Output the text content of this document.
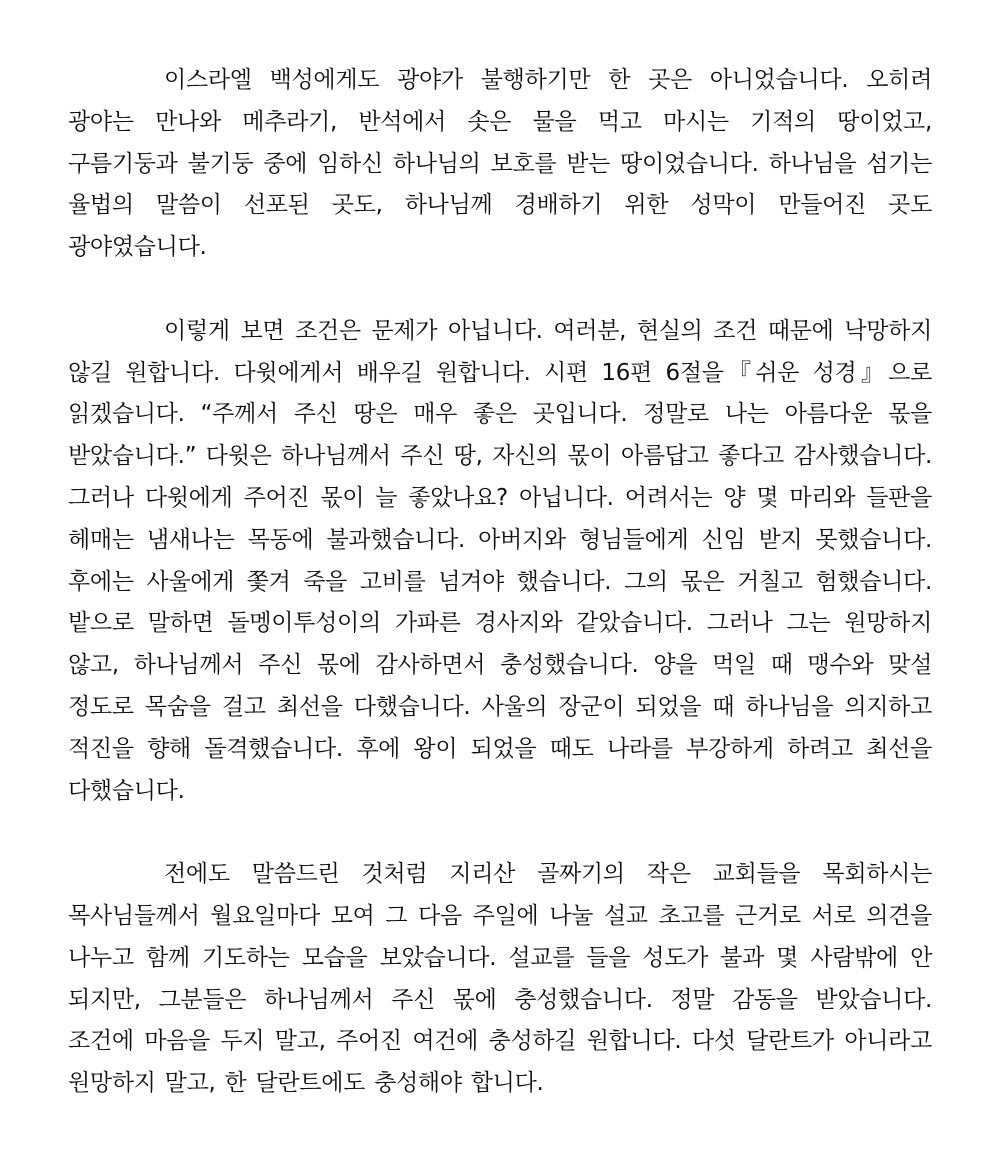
이스라엘 백성에게도 광야가 불행하기만 한 곳은 아니었습니다. 오히려 광야는 만나와 메추라기, 반석에서 솟은 물을 먹고 마시는 기적의 땅이었고, 구름기둥과 불기둥 중에 임하신 하나님의 보호를 받는 땅이었습니다. 하나님을 섬기는 율법의 말씀이 선포된 곳도, 하나님께 경배하기 위한 성막이 만들어진 곳도 광야였습니다.

이렇게 보면 조건은 문제가 아닙니다. 여러분, 현실의 조건 때문에 낙망하지 않길 원합니다. 다윗에게서 배우길 원합니다. 시편 16편 6절을『쉬운 성경』으로 읽겠습니다. “주께서 주신 땅은 매우 좋은 곳입니다. 정말로 나는 아름다운 몫을 받았습니다.” 다윗은 하나님께서 주신 땅, 자신의 몫이 아름답고 좋다고 감사했습니다. 그러나 다윗에게 주어진 몫이 늘 좋았나요? 아닙니다. 어려서는 양 몇 마리와 들판을 헤매는 냄새나는 목동에 불과했습니다. 아버지와 형님들에게 신임 받지 못했습니다. 후에는 사울에게 쫓겨 죽을 고비를 넘겨야 했습니다. 그의 몫은 거칠고 험했습니다. 밭으로 말하면 돌멩이투성이의 가파른 경사지와 같았습니다. 그러나 그는 원망하지 않고, 하나님께서 주신 몫에 감사하면서 충성했습니다. 양을 먹일 때 맹수와 맞설 정도로 목숨을 걸고 최선을 다했습니다. 사울의 장군이 되었을 때 하나님을 의지하고 적진을 향해 돌격했습니다. 후에 왕이 되었을 때도 나라를 부강하게 하려고 최선을 다했습니다.

전에도 말씀드린 것처럼 지리산 골짜기의 작은 교회들을 목회하시는 목사님들께서 월요일마다 모여 그 다음 주일에 나눌 설교 초고를 근거로 서로 의견을 나누고 함께 기도하는 모습을 보았습니다. 설교를 들을 성도가 불과 몇 사람밖에 안 되지만, 그분들은 하나님께서 주신 몫에 충성했습니다. 정말 감동을 받았습니다. 조건에 마음을 두지 말고, 주어진 여건에 충성하길 원합니다. 다섯 달란트가 아니라고 원망하지 말고, 한 달란트에도 충성해야 합니다.
